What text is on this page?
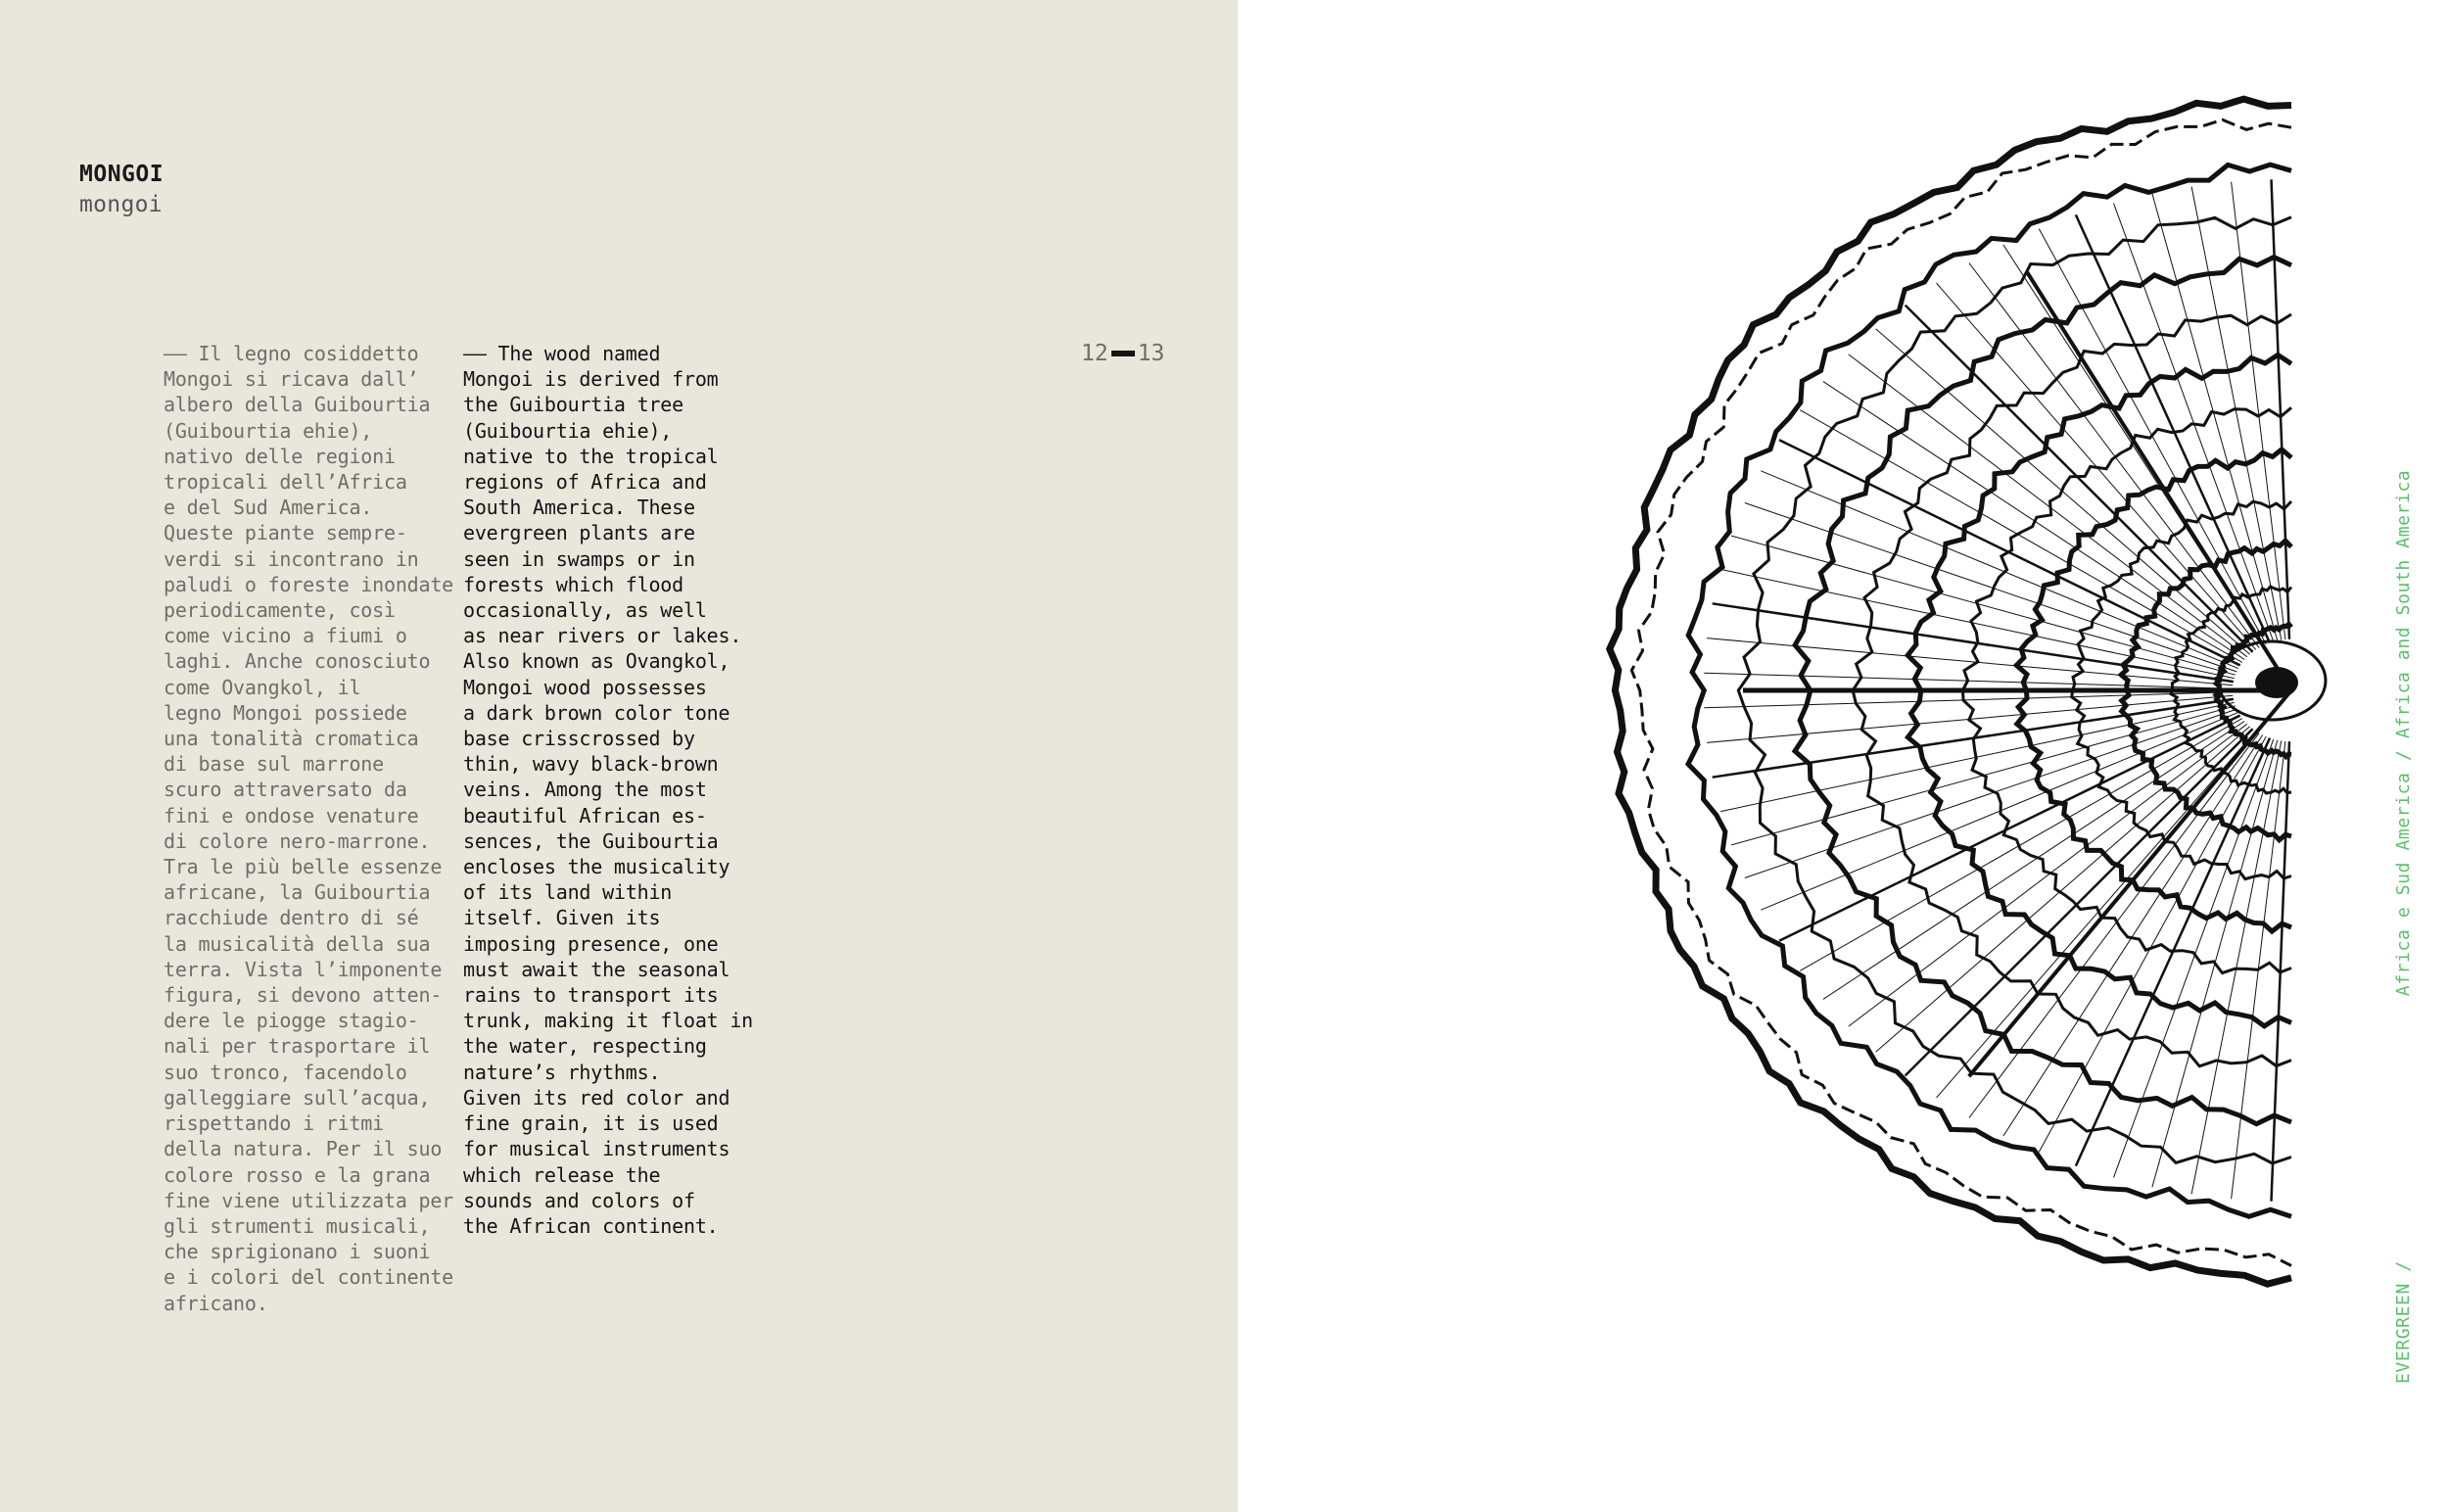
MONGOI
mongoi
–– Il legno cosiddetto
Mongoi si ricava dall’
albero della Guibourtia
(Guibourtia ehie),
nativo delle regioni
tropicali dell’Africa
e del Sud America.
Queste piante sempre-
verdi si incontrano in
paludi o foreste inondate
periodicamente, così
come vicino a fiumi o
laghi. Anche conosciuto
come Ovangkol, il
legno Mongoi possiede
una tonalità cromatica
di base sul marrone
scuro attraversato da
fini e ondose venature
di colore nero-marrone.
Tra le più belle essenze
africane, la Guibourtia
racchiude dentro di sé
la musicalità della sua
terra. Vista l’imponente
figura, si devono atten-
dere le piogge stagio-
nali per trasportare il
suo tronco, facendolo
galleggiare sull’acqua,
rispettando i ritmi
della natura. Per il suo
colore rosso e la grana
fine viene utilizzata per
gli strumenti musicali,
che sprigionano i suoni
e i colori del continente
africano.
–– The wood named
Mongoi is derived from
the Guibourtia tree
(Guibourtia ehie),
native to the tropical
regions of Africa and
South America. These
evergreen plants are
seen in swamps or in
forests which flood
occasionally, as well
as near rivers or lakes.
Also known as Ovangkol,
Mongoi wood possesses
a dark brown color tone
base crisscrossed by
thin, wavy black-brown
veins. Among the most
beautiful African es-
sences, the Guibourtia
encloses the musicality
of its land within
itself. Given its
imposing presence, one
must await the seasonal
rains to transport its
trunk, making it float in
the water, respecting
nature’s rhythms.
Given its red color and
fine grain, it is used
for musical instruments
which release the
sounds and colors of
the African continent.
12 13
EVERGREEN /Africa e Sud America / Africa and South America
